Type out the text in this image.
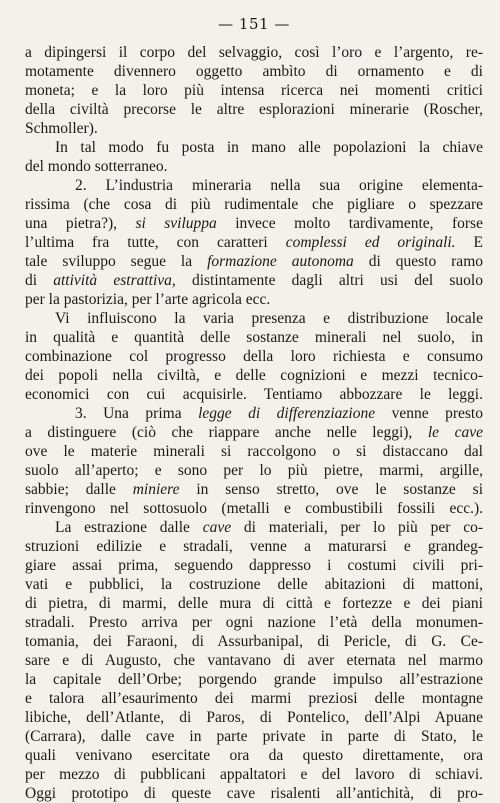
— 151 —
a dipingersi il corpo del selvaggio, così l’oro e l’argento, re-
motamente divennero oggetto ambìto di ornamento e di
moneta; e la loro più intensa ricerca nei momenti critici
della civiltà precorse le altre esplorazioni minerarie (Roscher,
Schmoller).
In tal modo fu posta in mano alle popolazioni la chiave
del mondo sotterraneo.
2. L’industria mineraria nella sua origine elementa-
rissima (che cosa di più rudimentale che pigliare o spezzare
una pietra?), si sviluppa invece molto tardivamente, forse
l’ultima fra tutte, con caratteri complessi ed originali. E
tale sviluppo segue la formazione autonoma di questo ramo
di attività estrattiva, distintamente dagli altri usi del suolo
per la pastorizia, per l’arte agricola ecc.
Vi influiscono la varia presenza e distribuzione locale
in qualità e quantità delle sostanze minerali nel suolo, in
combinazione col progresso della loro richiesta e consumo
dei popoli nella civiltà, e delle cognizioni e mezzi tecnico-
economici con cui acquisirle. Tentiamo abbozzare le leggi.
3. Una prima legge di differenziazione venne presto
a distinguere (ciò che riappare anche nelle leggi), le cave
ove le materie minerali si raccolgono o si distaccano dal
suolo all’aperto; e sono per lo più pietre, marmi, argille,
sabbie; dalle miniere in senso stretto, ove le sostanze si
rinvengono nel sottosuolo (metalli e combustibili fossili ecc.).
La estrazione dalle cave di materiali, per lo più per co-
struzioni edilizie e stradali, venne a maturarsi e grandeg-
giare assai prima, seguendo dappresso i costumi civili pri-
vati e pubblici, la costruzione delle abitazioni di mattoni,
di pietra, di marmi, delle mura di città e fortezze e dei piani
stradali. Presto arriva per ogni nazione l’età della monumen-
tomania, dei Faraoni, di Assurbanipal, di Pericle, di G. Ce-
sare e di Augusto, che vantavano di aver eternata nel marmo
la capitale dell’Orbe; porgendo grande impulso all’estrazione
e talora all’esaurimento dei marmi preziosi delle montagne
libiche, dell’Atlante, di Paros, di Pontelico, dell’Alpi Apuane
(Carrara), dalle cave in parte private in parte di Stato, le
quali venivano esercitate ora da questo direttamente, ora
per mezzo di pubblicani appaltatori e del lavoro di schiavi.
Oggi prototipo di queste cave risalenti all’antichità, di pro-
